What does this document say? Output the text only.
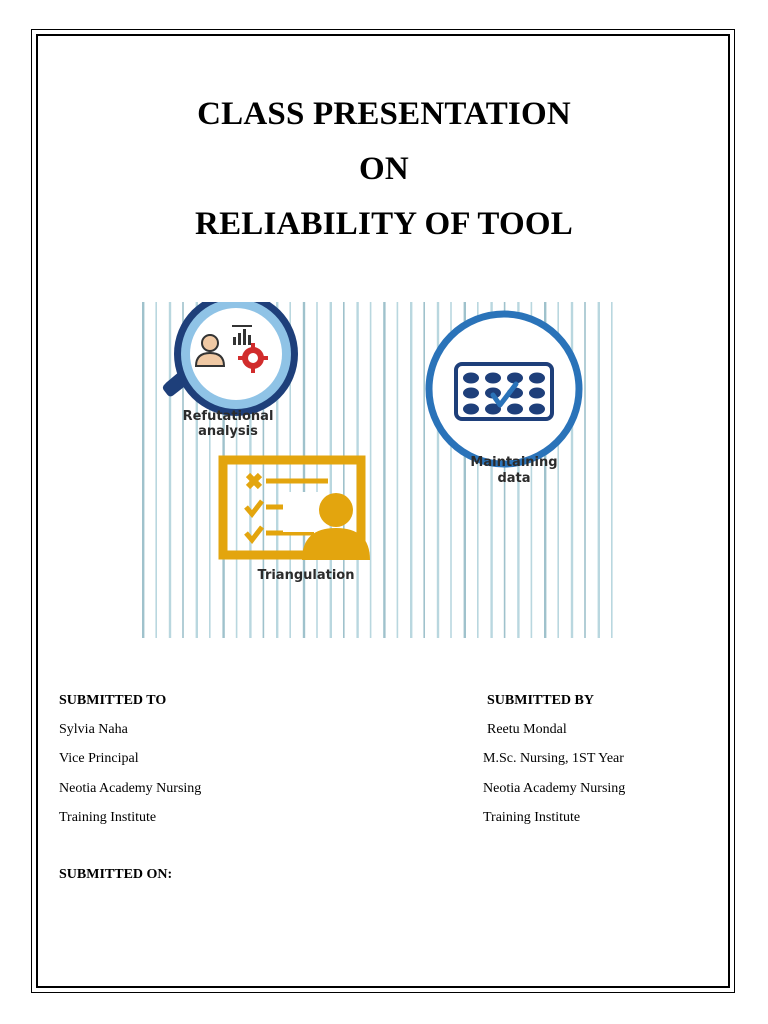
CLASS PRESENTATION
ON
RELIABILITY OF TOOL
Refutational
analysis
Maintaining
data
Triangulation
SUBMITTED TO
Sylvia Naha
Vice Principal
Neotia Academy Nursing
Training Institute
SUBMITTED BY
Reetu Mondal
M.Sc. Nursing, 1ST Year
Neotia Academy Nursing
Training Institute
SUBMITTED ON:
